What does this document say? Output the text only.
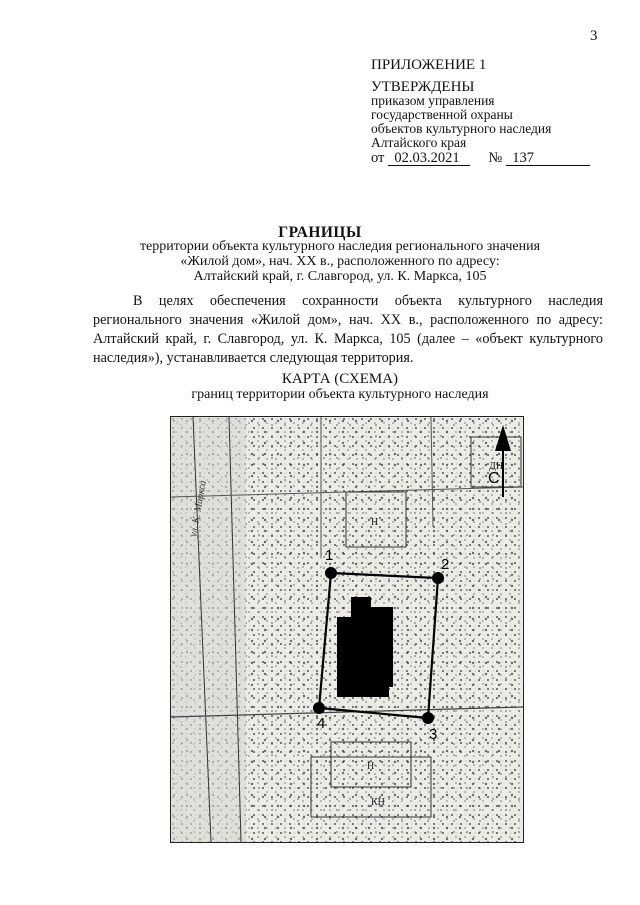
3
ПРИЛОЖЕНИЕ 1
УТВЕРЖДЕНЫ
приказом управления
государственной охраны
объектов культурного наследия
Алтайского края
от 02.03.2021	№ 137
ГРАНИЦЫ
территории объекта культурного наследия регионального значения
«Жилой дом», нач. XX в., расположенного по адресу:
Алтайский край, г. Славгород, ул. К. Маркса, 105
В целях обеспечения сохранности объекта культурного наследия регионального значения «Жилой дом», нач. XX в., расположенного по адресу: Алтайский край, г. Славгород, ул. К. Маркса, 105 (далее – «объект культурного наследия»), устанавливается следующая территория.
КАРТА (СХЕМА)
границ территории объекта культурного наследия
ул. К. Маркса
ДН
Н
Н
КН
1
2
3
4
С
